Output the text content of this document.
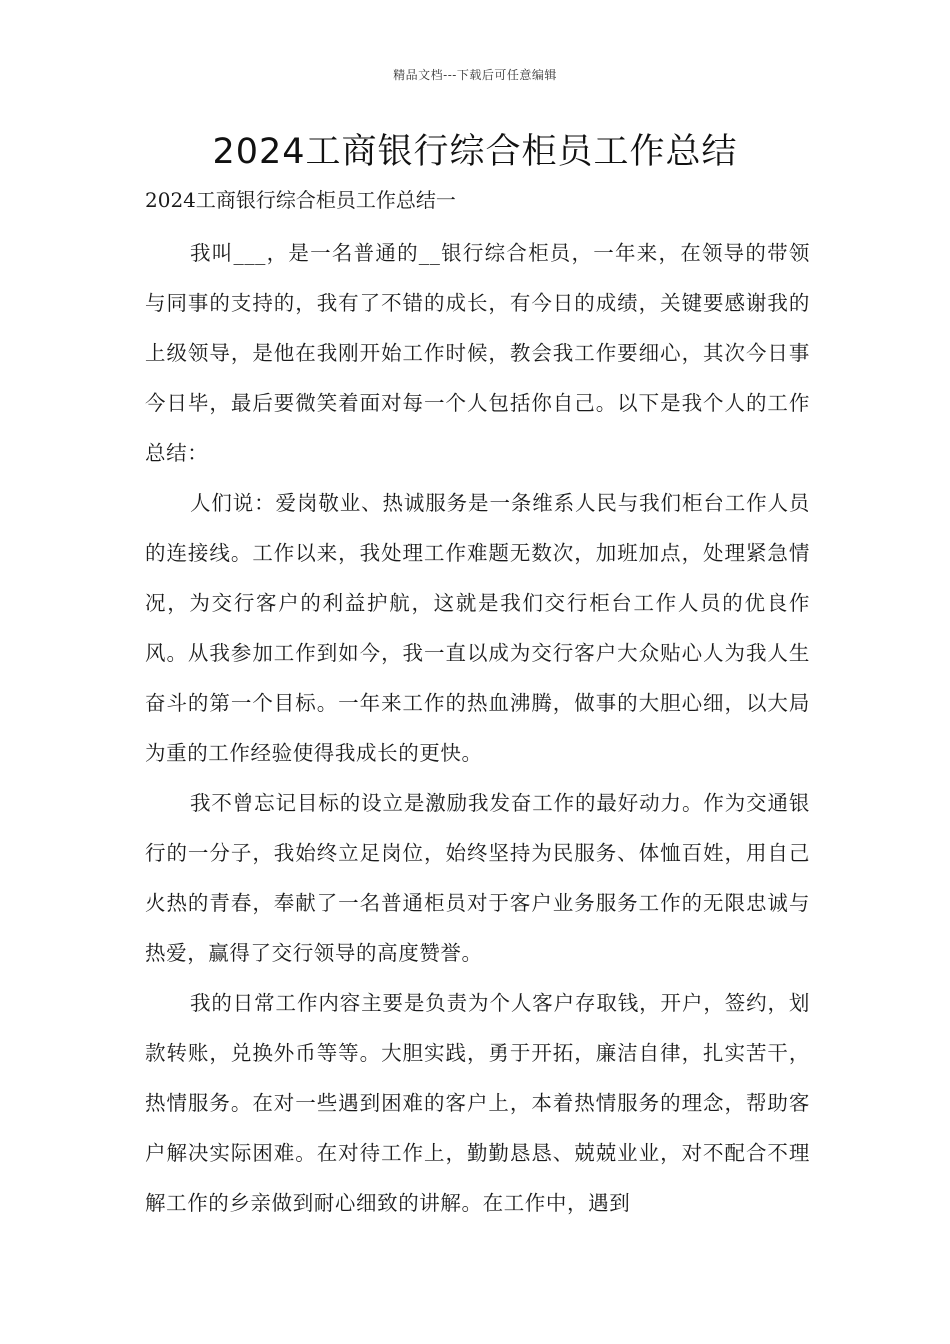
精品文档---下载后可任意编辑
2024工商银行综合柜员工作总结
2024工商银行综合柜员工作总结一

我叫___，是一名普通的__银行综合柜员，一年来，在领导的带领与同事的支持的，我有了不错的成长，有今日的成绩，关键要感谢我的上级领导，是他在我刚开始工作时候，教会我工作要细心，其次今日事今日毕，最后要微笑着面对每一个人包括你自己。以下是我个人的工作总结：

人们说：爱岗敬业、热诚服务是一条维系人民与我们柜台工作人员的连接线。工作以来，我处理工作难题无数次，加班加点，处理紧急情况，为交行客户的利益护航，这就是我们交行柜台工作人员的优良作风。从我参加工作到如今，我一直以成为交行客户大众贴心人为我人生奋斗的第一个目标。一年来工作的热血沸腾，做事的大胆心细，以大局为重的工作经验使得我成长的更快。

我不曾忘记目标的设立是激励我发奋工作的最好动力。作为交通银行的一分子，我始终立足岗位，始终坚持为民服务、体恤百姓，用自己火热的青春，奉献了一名普通柜员对于客户业务服务工作的无限忠诚与热爱，赢得了交行领导的高度赞誉。

我的日常工作内容主要是负责为个人客户存取钱，开户，签约，划款转账，兑换外币等等。大胆实践，勇于开拓，廉洁自律，扎实苦干，热情服务。在对一些遇到困难的客户上，本着热情服务的理念，帮助客户解决实际困难。在对待工作上，勤勤恳恳、兢兢业业，对不配合不理解工作的乡亲做到耐心细致的讲解。在工作中，遇到
